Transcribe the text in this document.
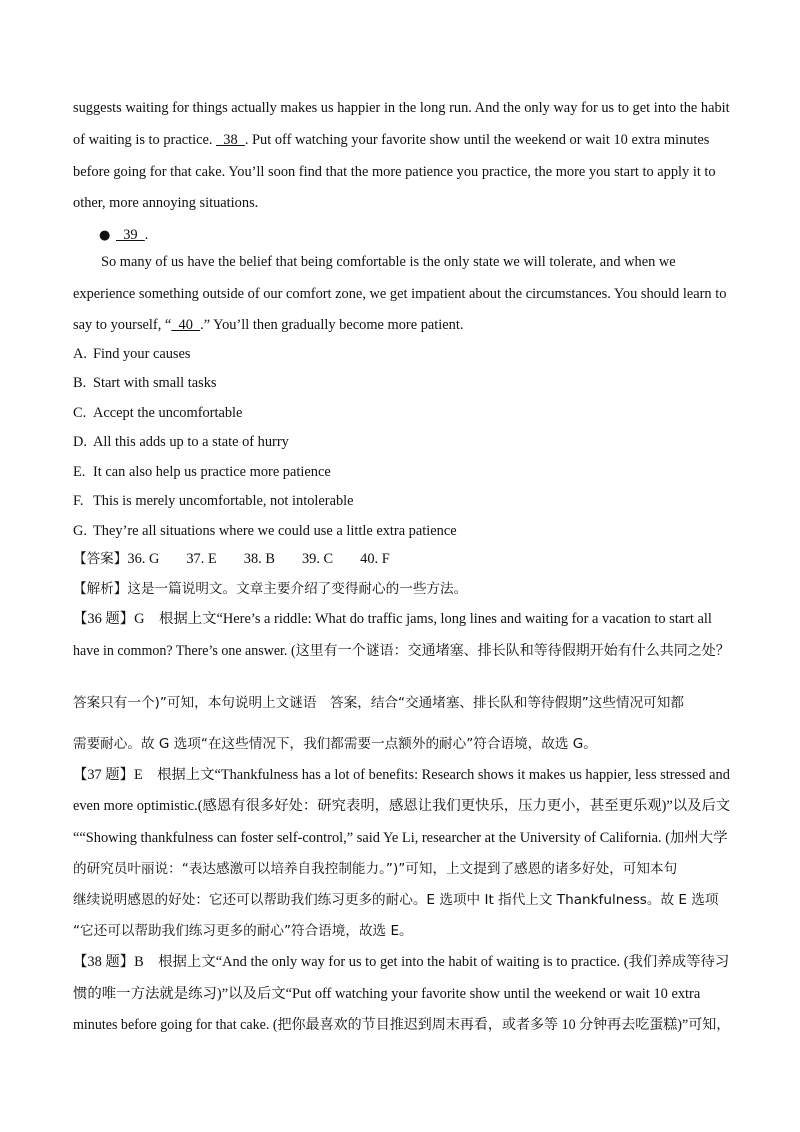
suggests waiting for things actually makes us happier in the long run. And the only way for us to get into the habit
of waiting is to practice.   38  . Put off watching your favorite show until the weekend or wait 10 extra minutes
before going for that cake. You’ll soon find that the more patience you practice, the more you start to apply it to
other, more annoying situations.
● 39  .
So many of us have the belief that being comfortable is the only state we will tolerate, and when we
experience something outside of our comfort zone, we get impatient about the circumstances. You should learn to
say to yourself, “  40  .” You’ll then gradually become more patient.
A. Find your causes
B. Start with small tasks
C. Accept the uncomfortable
D. All this adds up to a state of hurry
E. It can also help us practice more patience
F. This is merely uncomfortable, not intolerable
G. They’re all situations where we could use a little extra patience
【答案】36. G 37. E 38. B 39. C 40. F
【解析】这是一篇说明文。文章主要介绍了变得耐心的一些方法。
【36 题】G　根据上文“Here’s a riddle: What do traffic jams, long lines and waiting for a vacation to start all
have in common? There’s one answer. (这里有一个谜语：交通堵塞、排长队和等待假期开始有什么共同之处？
答案只有一个)”可知，本句说明上文谜语　答案，结合“交通堵塞、排长队和等待假期”这些情况可知都
需要耐心。故 G 选项“在这些情况下，我们都需要一点额外的耐心”符合语境，故选 G。
【37 题】E　根据上文“Thankfulness has a lot of benefits: Research shows it makes us happier, less stressed and
even more optimistic.(感恩有很多好处：研究表明，感恩让我们更快乐，压力更小，甚至更乐观)”以及后文
““Showing thankfulness can foster self-control,” said Ye Li, researcher at the University of California. (加州大学
的研究员叶丽说：“表达感激可以培养自我控制能力。”)”可知，上文提到了感恩的诸多好处，可知本句
继续说明感恩的好处：它还可以帮助我们练习更多的耐心。E 选项中 It 指代上文 Thankfulness。故 E 选项
“它还可以帮助我们练习更多的耐心”符合语境，故选 E。
【38 题】B　根据上文“And the only way for us to get into the habit of waiting is to practice. (我们养成等待习
惯的唯一方法就是练习)”以及后文“Put off watching your favorite show until the weekend or wait 10 extra
minutes before going for that cake. (把你最喜欢的节目推迟到周末再看，或者多等 10 分钟再去吃蛋糕)”可知，
